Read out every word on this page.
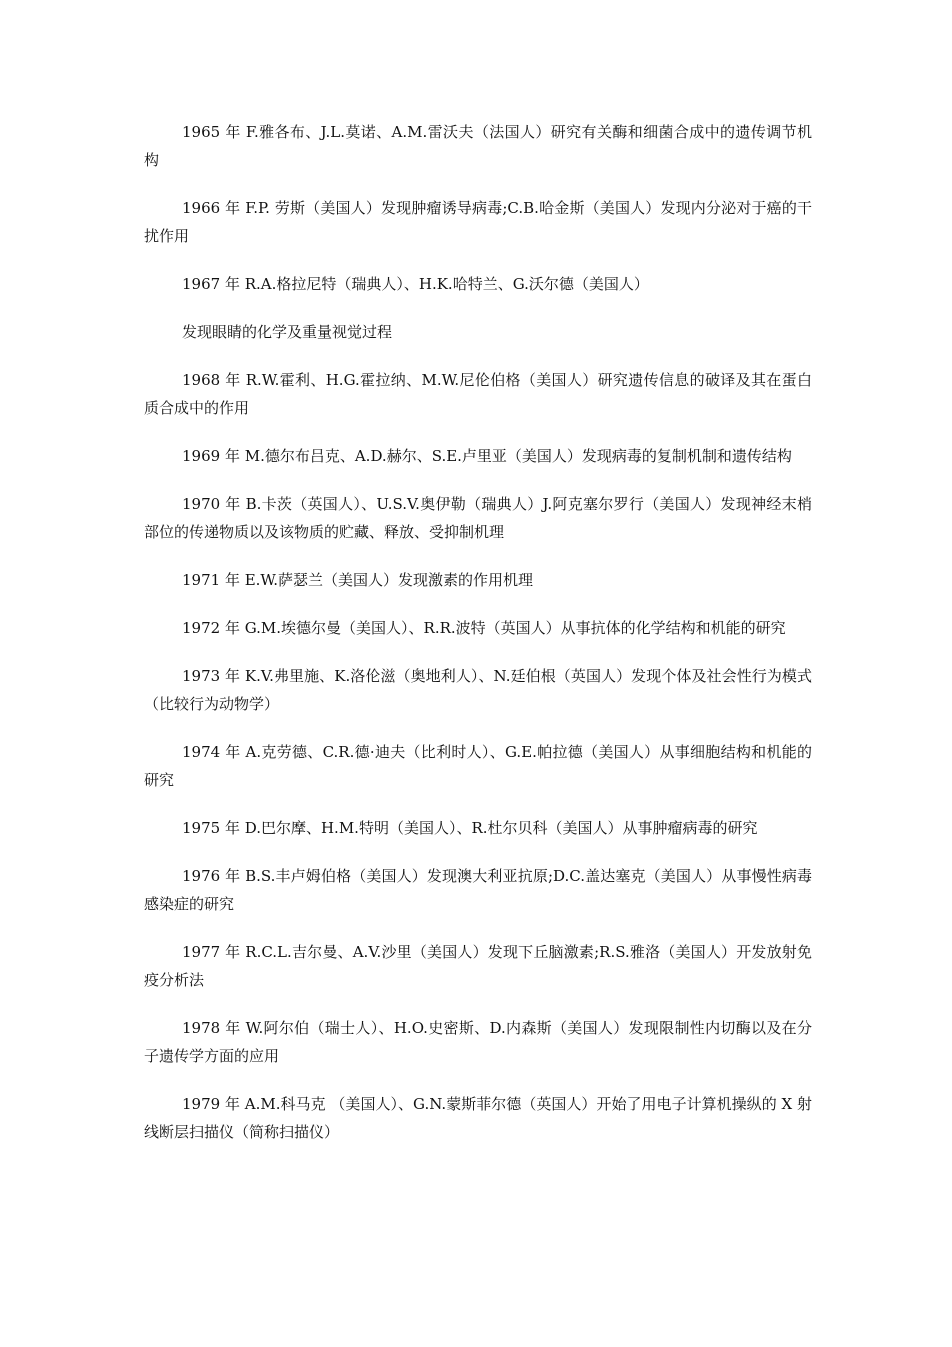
1965 年 F.雅各布、J.L.莫诺、A.M.雷沃夫（法国人）研究有关酶和细菌合成中的遗传调节机构

1966 年 F.P. 劳斯（美国人）发现肿瘤诱导病毒;C.B.哈金斯（美国人）发现内分泌对于癌的干扰作用

1967 年 R.A.格拉尼特（瑞典人）、H.K.哈特兰、G.沃尔德（美国人）

发现眼睛的化学及重量视觉过程

1968 年 R.W.霍利、H.G.霍拉纳、M.W.尼伦伯格（美国人）研究遗传信息的破译及其在蛋白质合成中的作用

1969 年 M.德尔布吕克、A.D.赫尔、S.E.卢里亚（美国人）发现病毒的复制机制和遗传结构

1970 年 B.卡茨（英国人）、U.S.V.奥伊勒（瑞典人）J.阿克塞尔罗行（美国人）发现神经末梢部位的传递物质以及该物质的贮藏、释放、受抑制机理

1971 年 E.W.萨瑟兰（美国人）发现激素的作用机理

1972 年 G.M.埃德尔曼（美国人）、R.R.波特（英国人）从事抗体的化学结构和机能的研究

1973 年 K.V.弗里施、K.洛伦滋（奥地利人）、N.廷伯根（英国人）发现个体及社会性行为模式（比较行为动物学）

1974 年 A.克劳德、C.R.德·迪夫（比利时人）、G.E.帕拉德（美国人）从事细胞结构和机能的研究

1975 年 D.巴尔摩、H.M.特明（美国人）、R.杜尔贝科（美国人）从事肿瘤病毒的研究

1976 年 B.S.丰卢姆伯格（美国人）发现澳大利亚抗原;D.C.盖达塞克（美国人）从事慢性病毒感染症的研究

1977 年 R.C.L.吉尔曼、A.V.沙里（美国人）发现下丘脑激素;R.S.雅洛（美国人）开发放射免疫分析法

1978 年 W.阿尔伯（瑞士人）、H.O.史密斯、D.内森斯（美国人）发现限制性内切酶以及在分子遗传学方面的应用

1979 年 A.M.科马克 （美国人）、G.N.蒙斯菲尔德（英国人）开始了用电子计算机操纵的 X 射线断层扫描仪（简称扫描仪）
